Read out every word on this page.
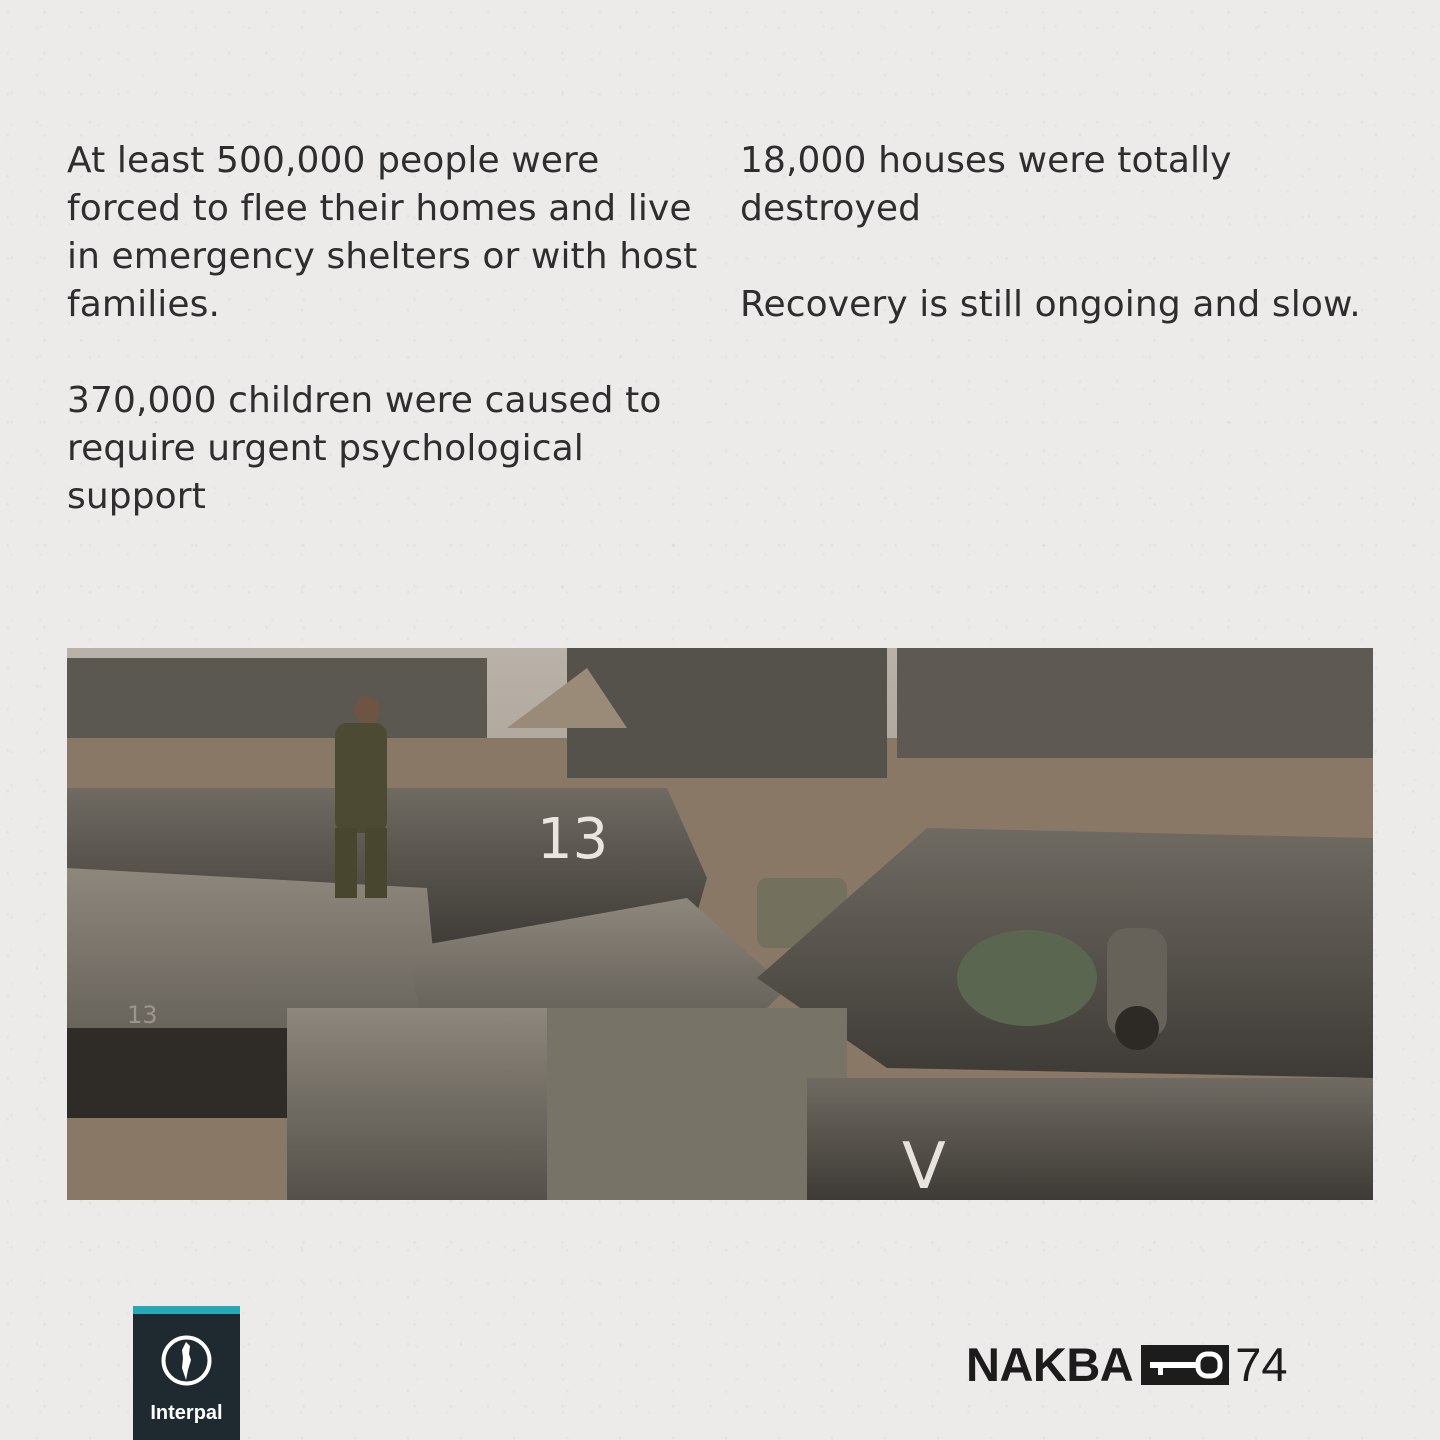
At least 500,000 people were forced to flee their homes and live in emergency shelters or with host families.

370,000 children were caused to require urgent psychological support

18,000 houses were totally destroyed

Recovery is still ongoing and slow.

13
13
V
Interpal
NAKBA 74
